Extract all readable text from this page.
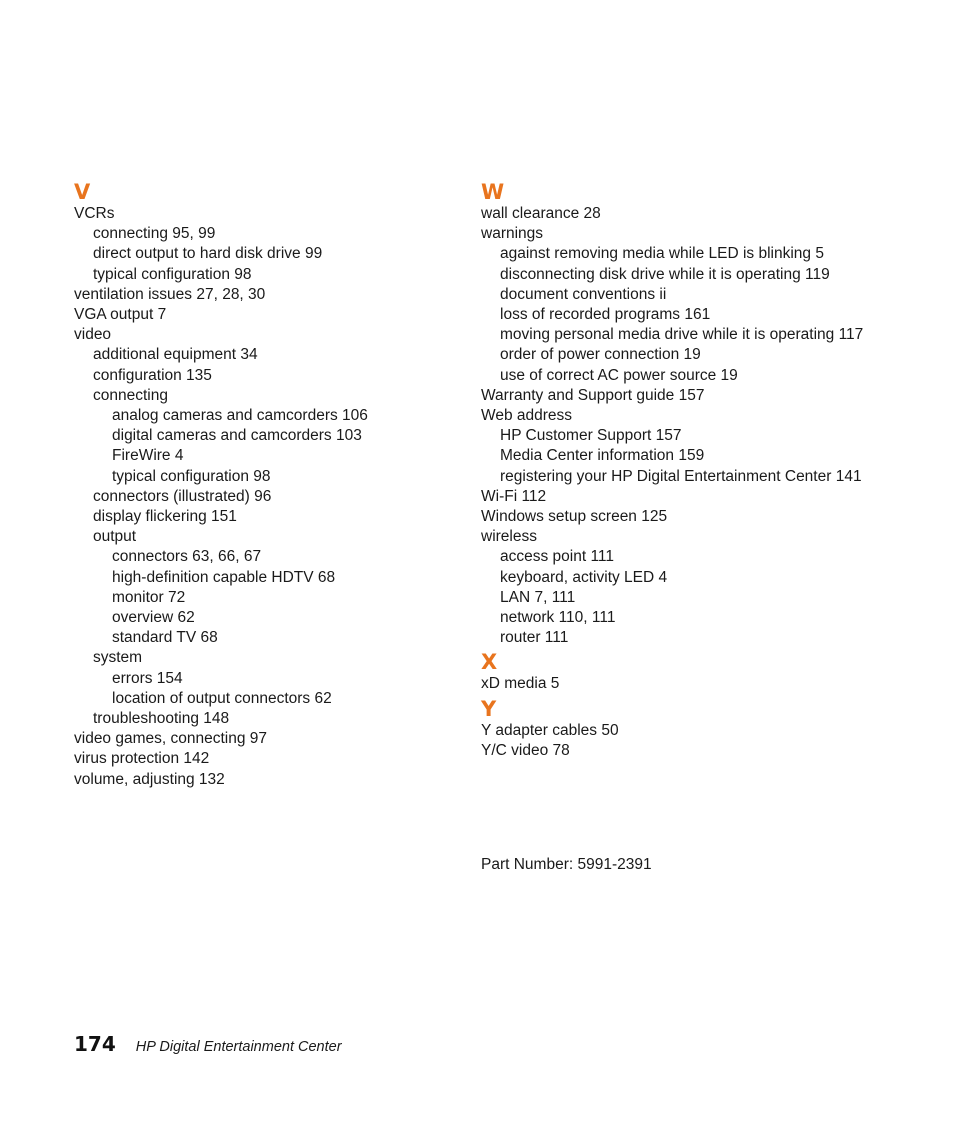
V
VCRs
connecting 95, 99
direct output to hard disk drive 99
typical configuration 98
ventilation issues 27, 28, 30
VGA output 7
video
additional equipment 34
configuration 135
connecting
analog cameras and camcorders 106
digital cameras and camcorders 103
FireWire 4
typical configuration 98
connectors (illustrated) 96
display flickering 151
output
connectors 63, 66, 67
high-definition capable HDTV 68
monitor 72
overview 62
standard TV 68
system
errors 154
location of output connectors 62
troubleshooting 148
video games, connecting 97
virus protection 142
volume, adjusting 132
W
wall clearance 28
warnings
against removing media while LED is blinking 5
disconnecting disk drive while it is operating 119
document conventions ii
loss of recorded programs 161
moving personal media drive while it is operating 117
order of power connection 19
use of correct AC power source 19
Warranty and Support guide 157
Web address
HP Customer Support 157
Media Center information 159
registering your HP Digital Entertainment Center 141
Wi-Fi 112
Windows setup screen 125
wireless
access point 111
keyboard, activity LED 4
LAN 7, 111
network 110, 111
router 111
X
xD media 5
Y
Y adapter cables 50
Y/C video 78
Part Number: 5991-2391
174 HP Digital Entertainment Center
